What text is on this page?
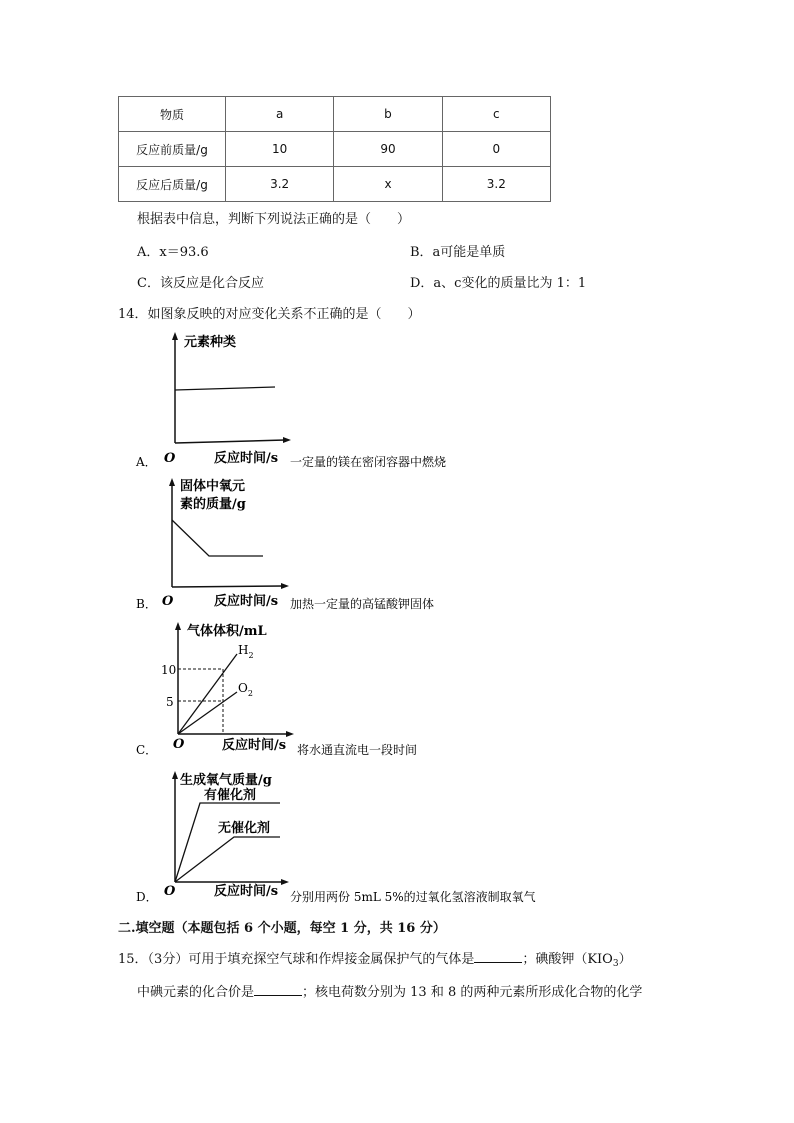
物质	a	b	c
反应前质量/g	10	90	0
反应后质量/g	3.2	x	3.2
根据表中信息，判断下列说法正确的是（　　）
A．x＝93.6	B．a可能是单质
C．该反应是化合反应	D．a、c变化的质量比为 1：1
14．如图象反映的对应变化关系不正确的是（　　）
A．
元素种类
O	反应时间/s 一定量的镁在密闭容器中燃烧
B．
固体中氧元
素的质量/g
O	反应时间/s 加热一定量的高锰酸钾固体
C．
气体体积/mL
10
5
$H_2$
$O_2$
O	反应时间/s 将水通直流电一段时间
D．
生成氧气质量/g
有催化剂
无催化剂
O	反应时间/s 分别用两份 5mL 5%的过氧化氢溶液制取氧气
二.填空题（本题包括 6 个小题，每空 1 分，共 16 分）
15．（3分）可用于填充探空气球和作焊接金属保护气的气体是	；碘酸钾$(KIO_3)$
中碘元素的化合价是	；核电荷数分别为 13 和 8 的两种元素所形成化合物的化学
